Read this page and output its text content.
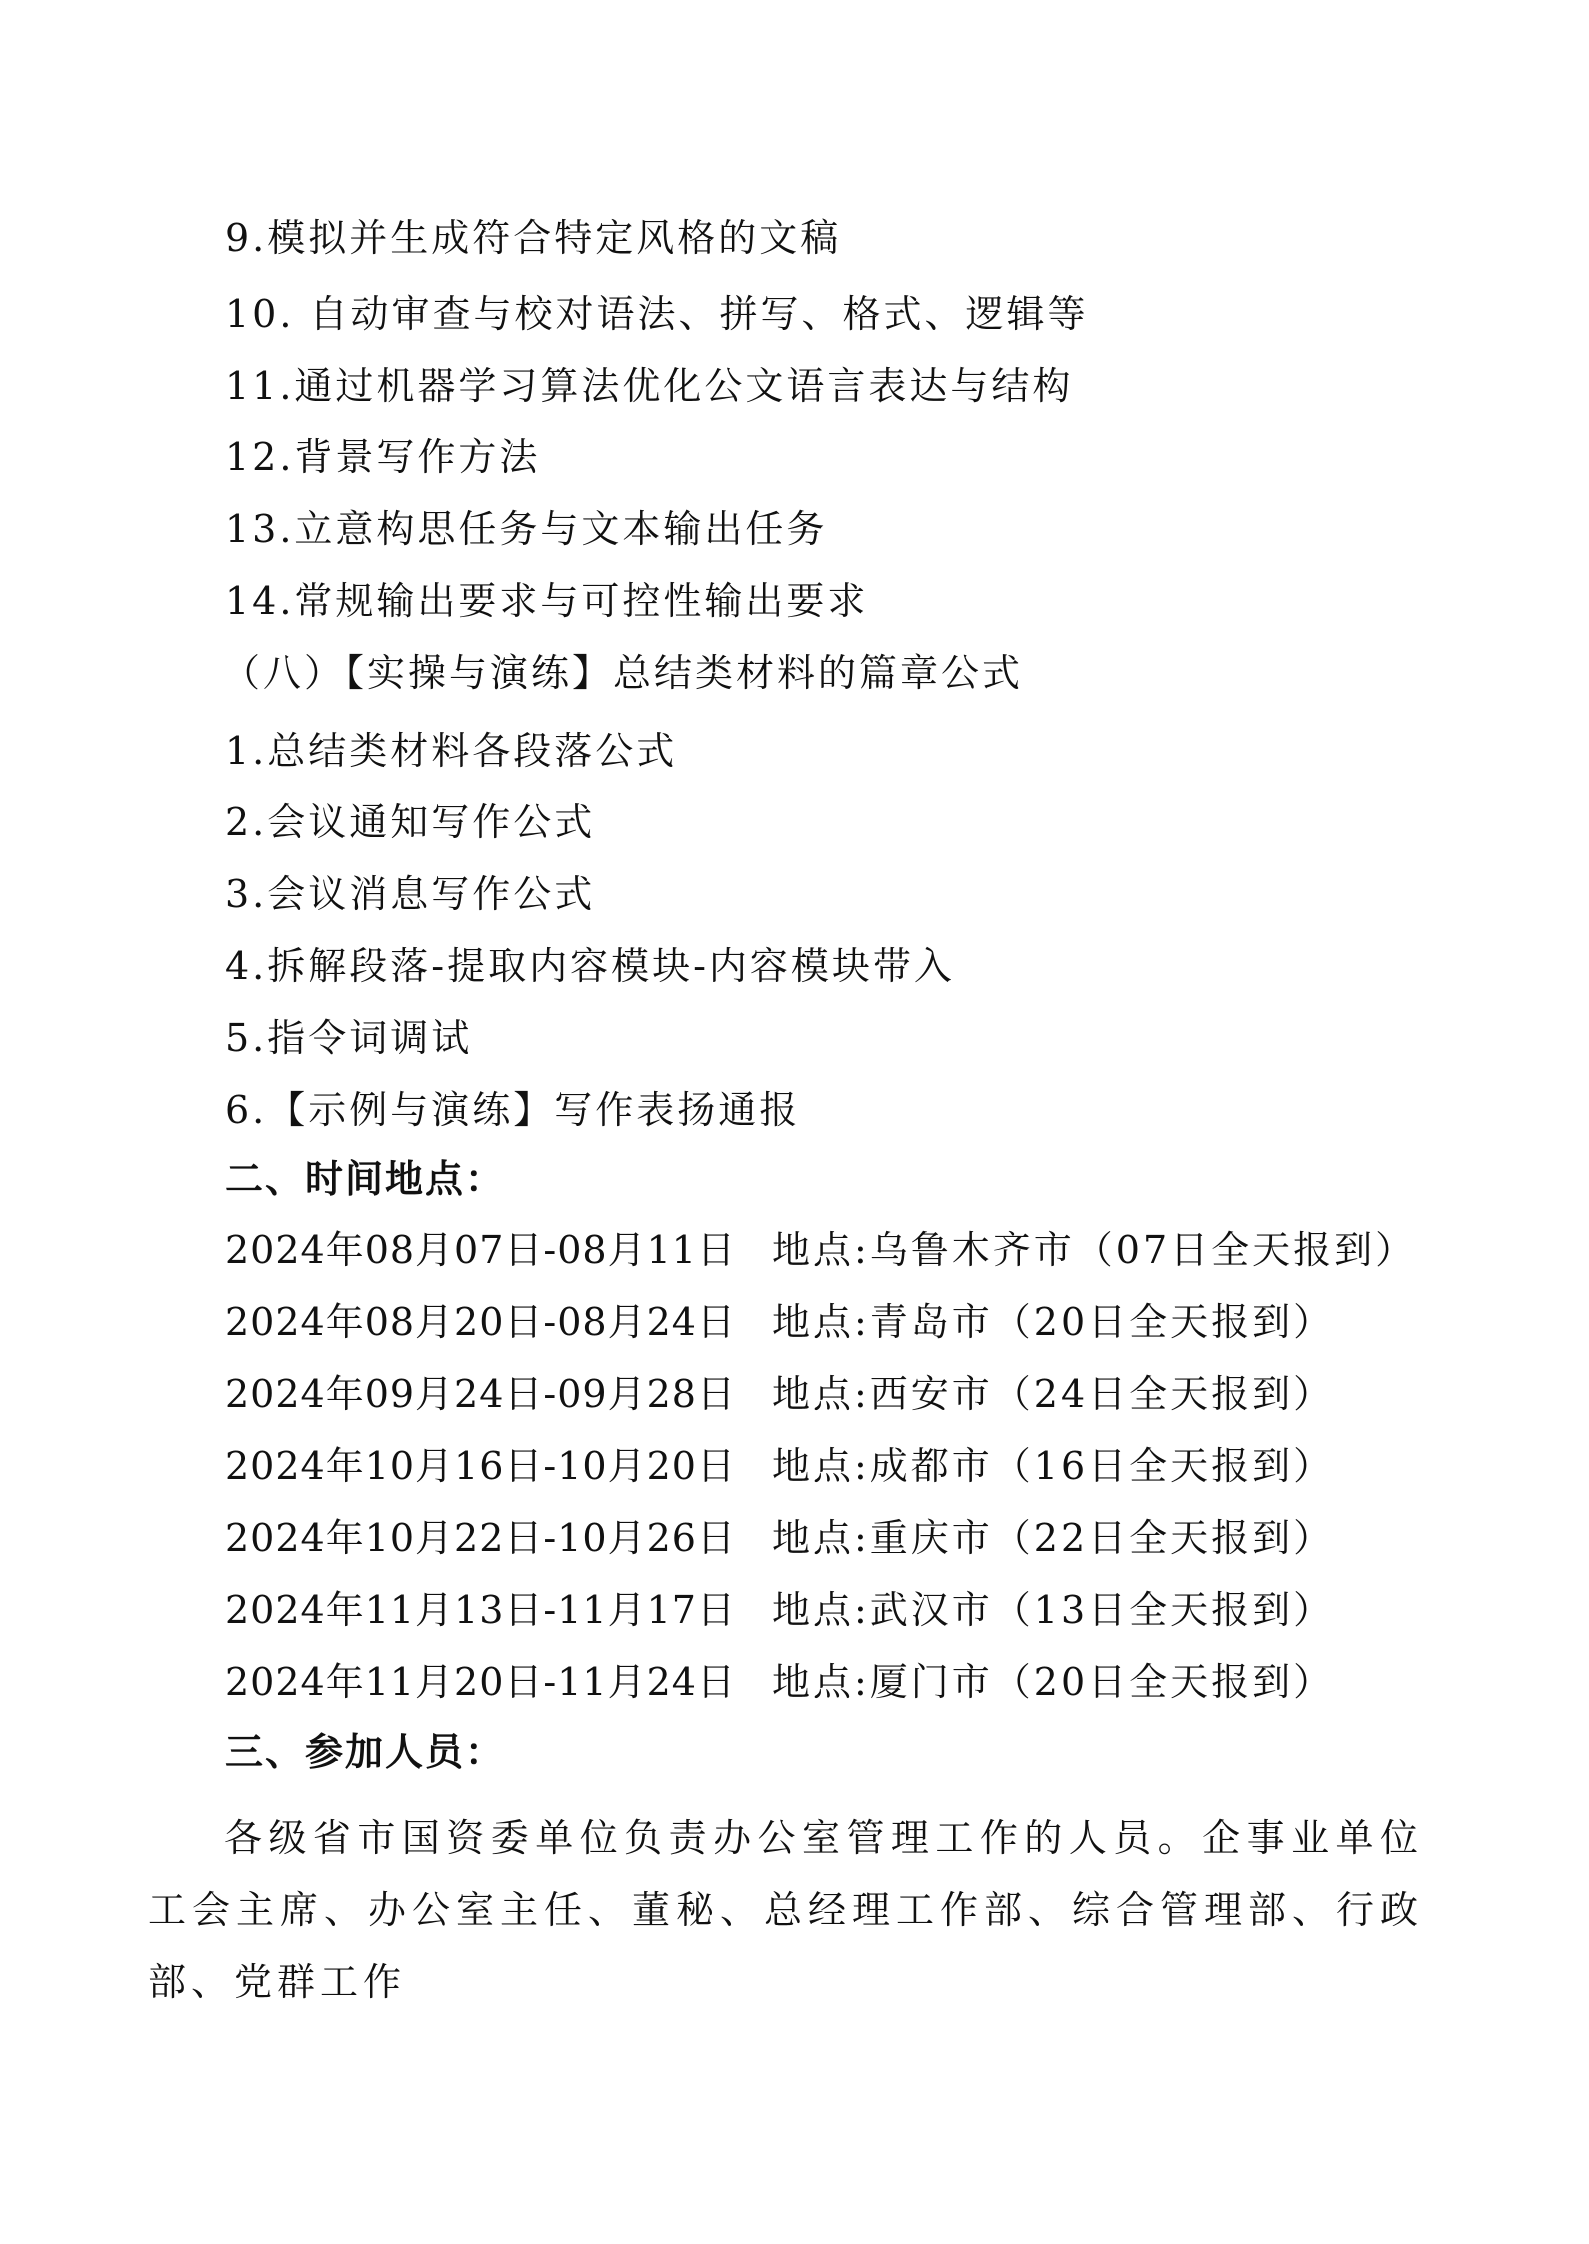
9.模拟并生成符合特定风格的文稿
10. 自动审查与校对语法、拼写、格式、逻辑等
11.通过机器学习算法优化公文语言表达与结构
12.背景写作方法
13.立意构思任务与文本输出任务
14.常规输出要求与可控性输出要求
（八）【实操与演练】总结类材料的篇章公式
1.总结类材料各段落公式
2.会议通知写作公式
3.会议消息写作公式
4.拆解段落-提取内容模块-内容模块带入
5.指令词调试
6.【示例与演练】写作表扬通报
二、时间地点：
2024年08月07日-08月11日 地点:乌鲁木齐市（07日全天报到）
2024年08月20日-08月24日 地点:青岛市（20日全天报到）
2024年09月24日-09月28日 地点:西安市（24日全天报到）
2024年10月16日-10月20日 地点:成都市（16日全天报到）
2024年10月22日-10月26日 地点:重庆市（22日全天报到）
2024年11月13日-11月17日 地点:武汉市（13日全天报到）
2024年11月20日-11月24日 地点:厦门市（20日全天报到）
三、参加人员：
各级省市国资委单位负责办公室管理工作的人员。企事业单位工会主席、办公室主任、董秘、总经理工作部、综合管理部、行政部、党群工作
